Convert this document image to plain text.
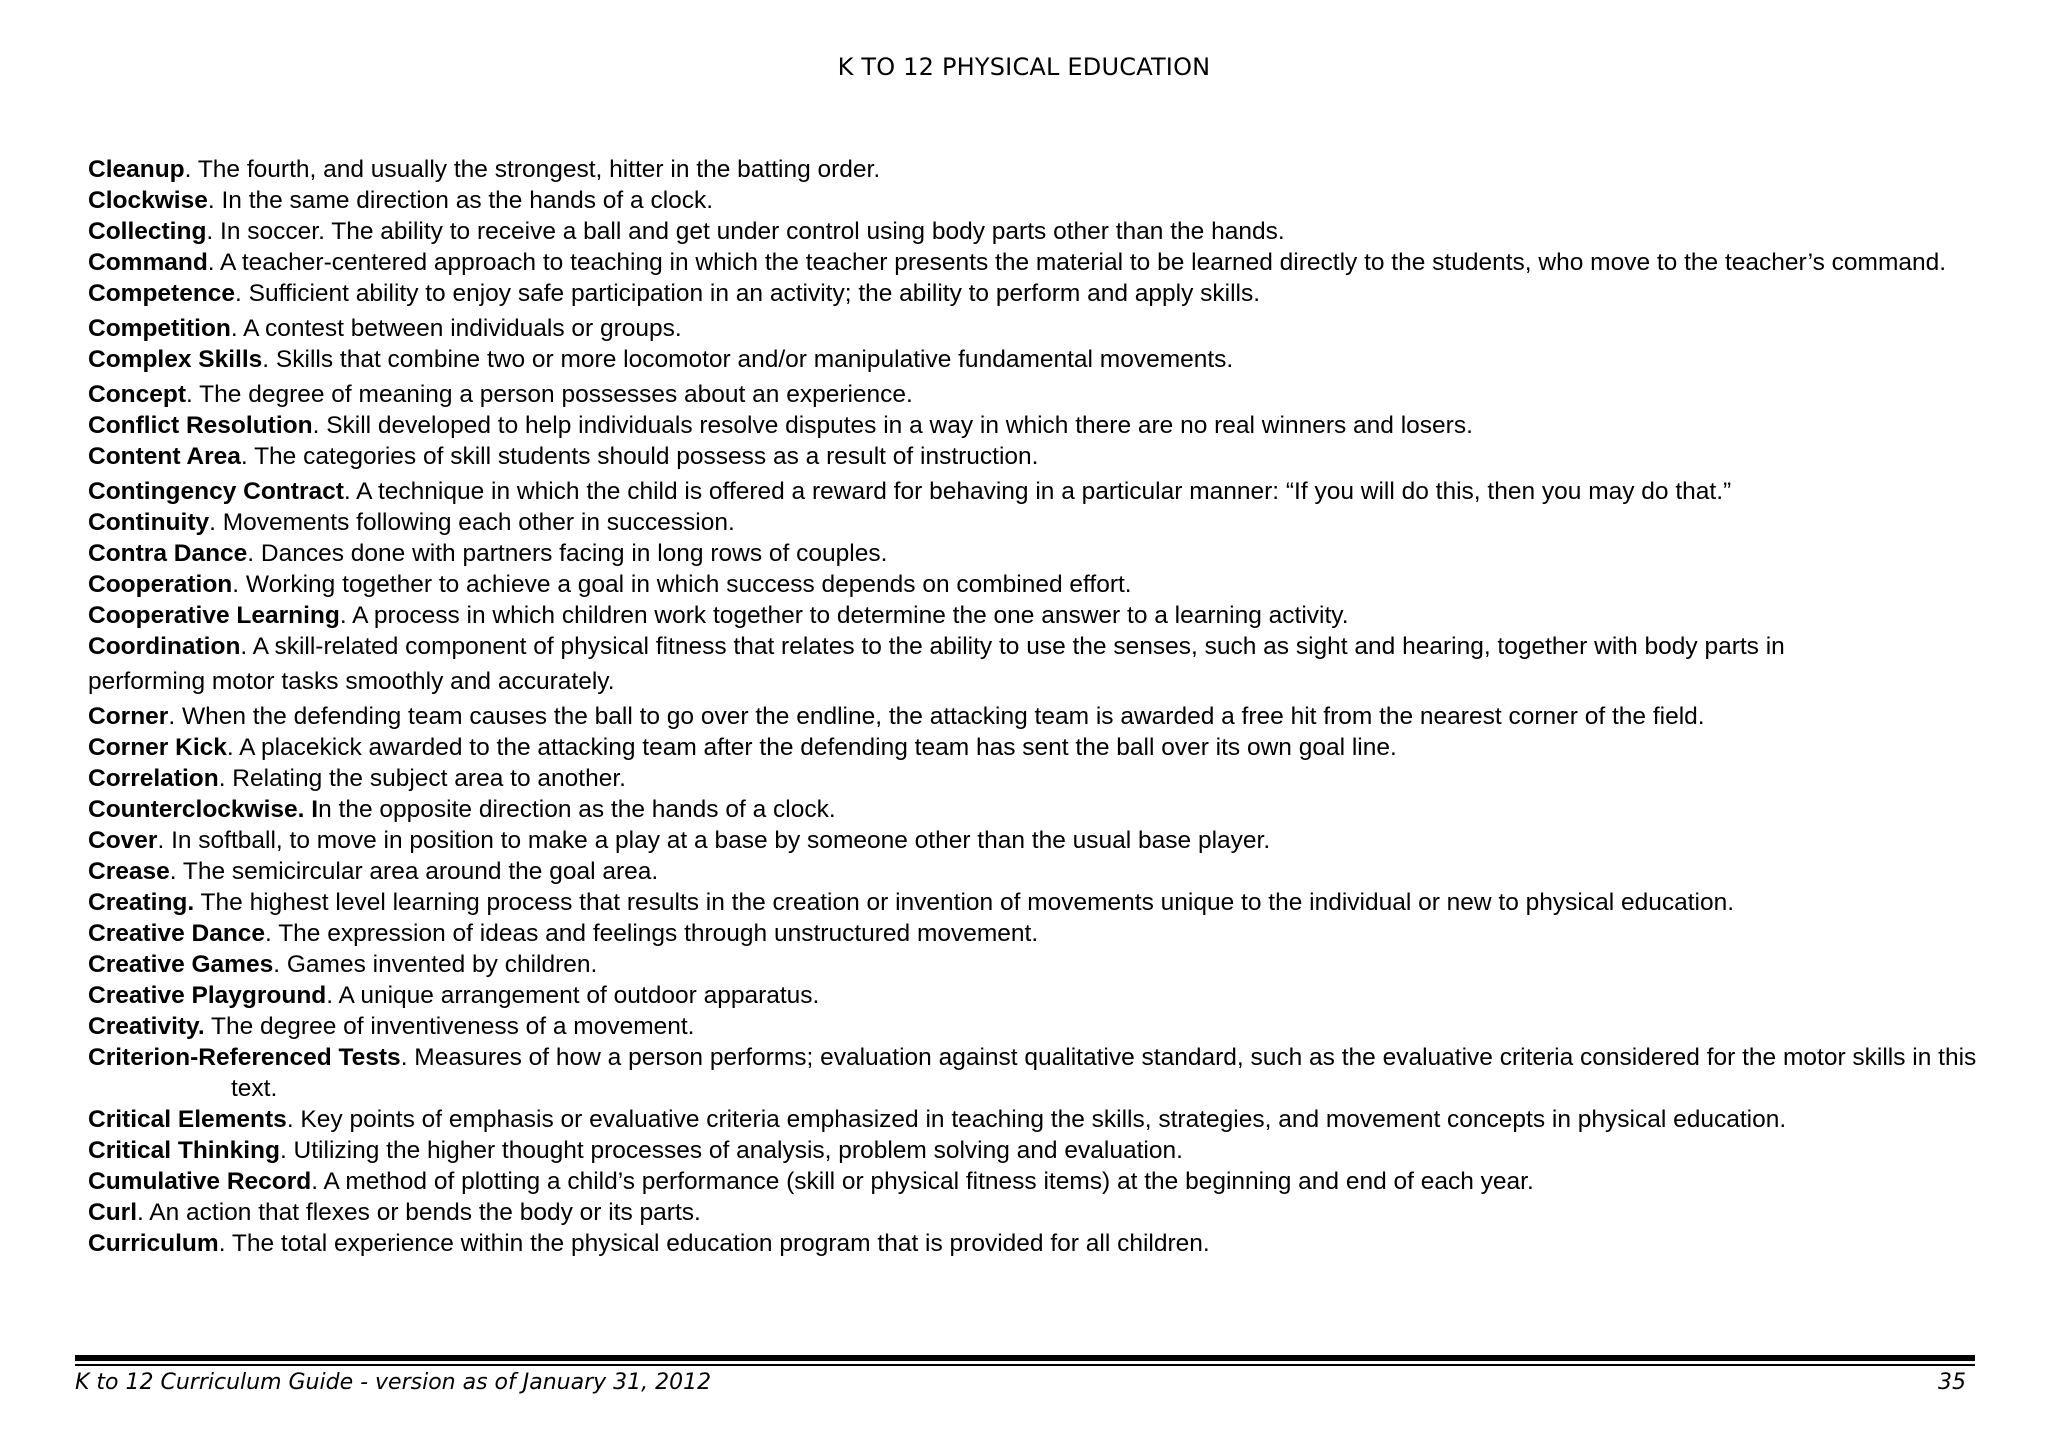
K TO 12 PHYSICAL EDUCATION

Cleanup. The fourth, and usually the strongest, hitter in the batting order.

Clockwise. In the same direction as the hands of a clock.

Collecting. In soccer. The ability to receive a ball and get under control using body parts other than the hands.

Command. A teacher-centered approach to teaching in which the teacher presents the material to be learned directly to the students, who move to the teacher’s command.

Competence. Sufficient ability to enjoy safe participation in an activity; the ability to perform and apply skills.

Competition. A contest between individuals or groups.

Complex Skills. Skills that combine two or more locomotor and/or manipulative fundamental movements.

Concept. The degree of meaning a person possesses about an experience.

Conflict Resolution. Skill developed to help individuals resolve disputes in a way in which there are no real winners and losers.

Content Area. The categories of skill students should possess as a result of instruction.

Contingency Contract. A technique in which the child is offered a reward for behaving in a particular manner: “If you will do this, then you may do that.”

Continuity. Movements following each other in succession.

Contra Dance. Dances done with partners facing in long rows of couples.

Cooperation. Working together to achieve a goal in which success depends on combined effort.

Cooperative Learning. A process in which children work together to determine the one answer to a learning activity.

Coordination. A skill-related component of physical fitness that relates to the ability to use the senses, such as sight and hearing, together with body parts in
performing motor tasks smoothly and accurately.

Corner. When the defending team causes the ball to go over the endline, the attacking team is awarded a free hit from the nearest corner of the field.

Corner Kick. A placekick awarded to the attacking team after the defending team has sent the ball over its own goal line.

Correlation. Relating the subject area to another.

Counterclockwise. In the opposite direction as the hands of a clock.

Cover. In softball, to move in position to make a play at a base by someone other than the usual base player.

Crease. The semicircular area around the goal area.

Creating. The highest level learning process that results in the creation or invention of movements unique to the individual or new to physical education.

Creative Dance. The expression of ideas and feelings through unstructured movement.

Creative Games. Games invented by children.

Creative Playground. A unique arrangement of outdoor apparatus.

Creativity. The degree of inventiveness of a movement.

Criterion-Referenced Tests. Measures of how a person performs; evaluation against qualitative standard, such as the evaluative criteria considered for the motor skills in this text.

Critical Elements. Key points of emphasis or evaluative criteria emphasized in teaching the skills, strategies, and movement concepts in physical education.

Critical Thinking. Utilizing the higher thought processes of analysis, problem solving and evaluation.

Cumulative Record. A method of plotting a child’s performance (skill or physical fitness items) at the beginning and end of each year.

Curl. An action that flexes or bends the body or its parts.

Curriculum. The total experience within the physical education program that is provided for all children.

K to 12 Curriculum Guide - version as of January 31, 2012	35
